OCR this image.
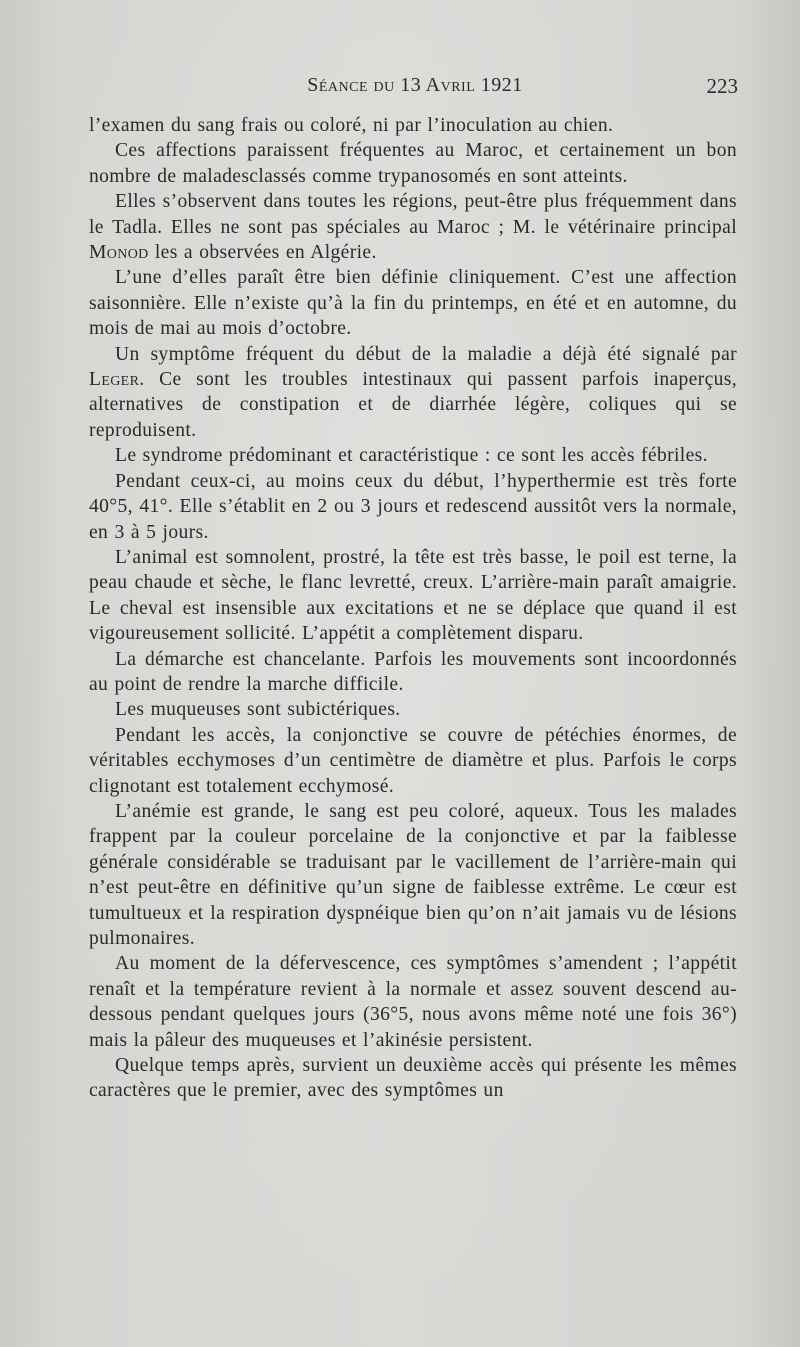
Séance du 13 Avril 1921	223

l’examen du sang frais ou coloré, ni par l’inoculation au chien.

Ces affections paraissent fréquentes au Maroc, et certainement un bon nombre de maladesclassés comme trypanosomés en sont atteints.

Elles s’observent dans toutes les régions, peut-être plus fréquemment dans le Tadla. Elles ne sont pas spéciales au Maroc ; M. le vétérinaire principal Monod les a observées en Algérie.

L’une d’elles paraît être bien définie cliniquement. C’est une affection saisonnière. Elle n’existe qu’à la fin du printemps, en été et en automne, du mois de mai au mois d’octobre.

Un symptôme fréquent du début de la maladie a déjà été signalé par Leger. Ce sont les troubles intestinaux qui passent parfois inaperçus, alternatives de constipation et de diarrhée légère, coliques qui se reproduisent.

Le syndrome prédominant et caractéristique : ce sont les accès fébriles.

Pendant ceux-ci, au moins ceux du début, l’hyperthermie est très forte 40°5, 41°. Elle s’établit en 2 ou 3 jours et redescend aussitôt vers la normale, en 3 à 5 jours.

L’animal est somnolent, prostré, la tête est très basse, le poil est terne, la peau chaude et sèche, le flanc levretté, creux. L’arrière-main paraît amaigrie. Le cheval est insensible aux excitations et ne se déplace que quand il est vigoureusement sollicité. L’appétit a complètement disparu.

La démarche est chancelante. Parfois les mouvements sont incoordonnés au point de rendre la marche difficile.

Les muqueuses sont subictériques.

Pendant les accès, la conjonctive se couvre de pétéchies énormes, de véritables ecchymoses d’un centimètre de diamètre et plus. Parfois le corps clignotant est totalement ecchymosé.

L’anémie est grande, le sang est peu coloré, aqueux. Tous les malades frappent par la couleur porcelaine de la conjonctive et par la faiblesse générale considérable se traduisant par le vacillement de l’arrière-main qui n’est peut-être en définitive qu’un signe de faiblesse extrême. Le cœur est tumultueux et la respiration dyspnéique bien qu’on n’ait jamais vu de lésions pulmonaires.

Au moment de la défervescence, ces symptômes s’amendent ; l’appétit renaît et la température revient à la normale et assez souvent descend au-dessous pendant quelques jours (36°5, nous avons même noté une fois 36°) mais la pâleur des muqueuses et l’akinésie persistent.

Quelque temps après, survient un deuxième accès qui présente les mêmes caractères que le premier, avec des symptômes un
